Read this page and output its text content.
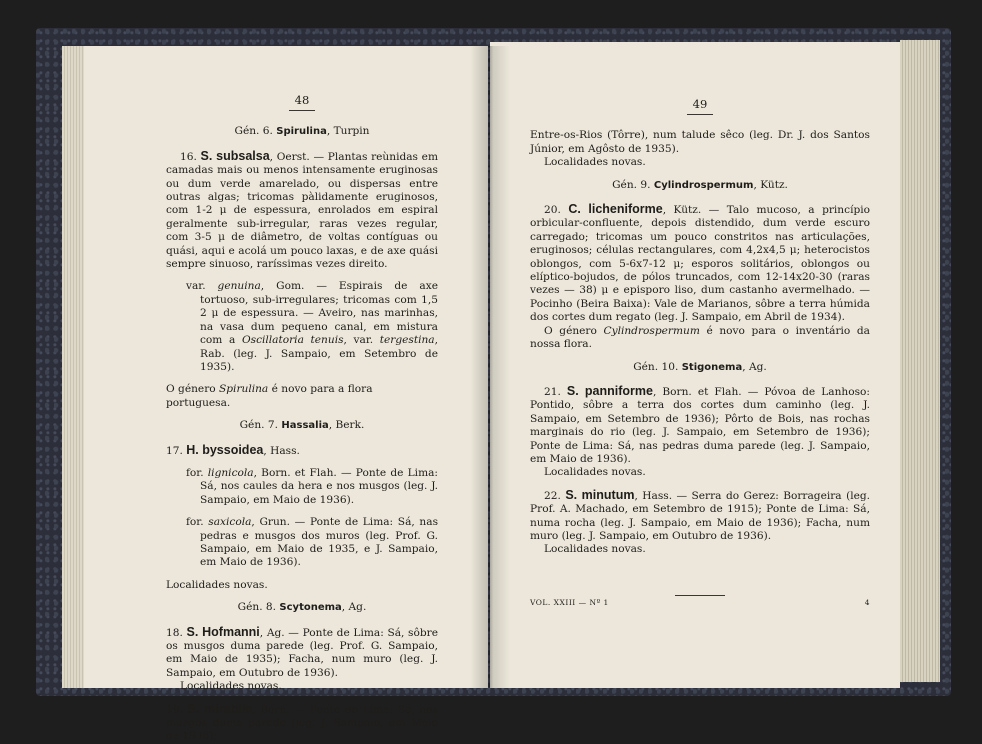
48
Gén. 6. Spirulina, Turpin

16. S. subsalsa, Oerst. — Plantas reùnidas em camadas mais ou menos intensamente eruginosas ou dum verde amarelado, ou dispersas entre outras algas; tricomas pàlidamente eruginosos, com 1-2 μ de espessura, enrolados em espiral geralmente sub-irregular, raras vezes regular, com 3-5 μ de diâmetro, de voltas contíguas ou quási, aqui e acolá um pouco laxas, e de axe quási sempre sinuoso, raríssimas vezes direito.

var. genuina, Gom. — Espirais de axe tortuoso, sub-irregulares; tricomas com 1,5 2 μ de espessura. — Aveiro, nas marinhas, na vasa dum pequeno canal, em mistura com a Oscillatoria tenuis, var. tergestina, Rab. (leg. J. Sampaio, em Setembro de 1935).

O género Spirulina é novo para a flora portuguesa.

Gén. 7. Hassalia, Berk.

17. H. byssoidea, Hass.

for. lignicola, Born. et Flah. — Ponte de Lima: Sá, nos caules da hera e nos musgos (leg. J. Sampaio, em Maio de 1936).

for. saxicola, Grun. — Ponte de Lima: Sá, nas pedras e musgos dos muros (leg. Prof. G. Sampaio, em Maio de 1935, e J. Sampaio, em Maio de 1936).

Localidades novas.

Gén. 8. Scytonema, Ag.

18. S. Hofmanni, Ag. — Ponte de Lima: Sá, sôbre os musgos duma parede (leg. Prof. G. Sampaio, em Maio de 1935); Facha, num muro (leg. J. Sampaio, em Outubro de 1936).

Localidades novas.

19. S. mirabile, Born. — Ponte de Lima: Sá, nos musgos duma parede (leg. J. Sampaio, em Maio de 1936);

49

Entre-os-Rios (Tôrre), num talude sêco (leg. Dr. J. dos Santos Júnior, em Agôsto de 1935).

Localidades novas.

Gén. 9. Cylindrospermum, Kütz.

20. C. licheniforme, Kütz. — Talo mucoso, a princípio orbicular-confluente, depois distendido, dum verde escuro carregado; tricomas um pouco constritos nas articulações, eruginosos; células rectangulares, com 4,2x4,5 μ; heterocistos oblongos, com 5-6x7-12 μ; esporos solitários, oblongos ou elíptico-bojudos, de pólos truncados, com 12-14x20-30 (raras vezes — 38) μ e episporo liso, dum castanho avermelhado. — Pocinho (Beira Baixa): Vale de Marianos, sôbre a terra húmida dos cortes dum regato (leg. J. Sampaio, em Abril de 1934).

O género Cylindrospermum é novo para o inventário da nossa flora.

Gén. 10. Stigonema, Ag.

21. S. panniforme, Born. et Flah. — Póvoa de Lanhoso: Pontido, sôbre a terra dos cortes dum caminho (leg. J. Sampaio, em Setembro de 1936); Pôrto de Bois, nas rochas marginais do rio (leg. J. Sampaio, em Setembro de 1936); Ponte de Lima: Sá, nas pedras duma parede (leg. J. Sampaio, em Maio de 1936).

Localidades novas.

22. S. minutum, Hass. — Serra do Gerez: Borrageira (leg. Prof. A. Machado, em Setembro de 1915); Ponte de Lima: Sá, numa rocha (leg. J. Sampaio, em Maio de 1936); Facha, num muro (leg. J. Sampaio, em Outubro de 1936).

Localidades novas.

VOL. XXIII — Nº 1	4
